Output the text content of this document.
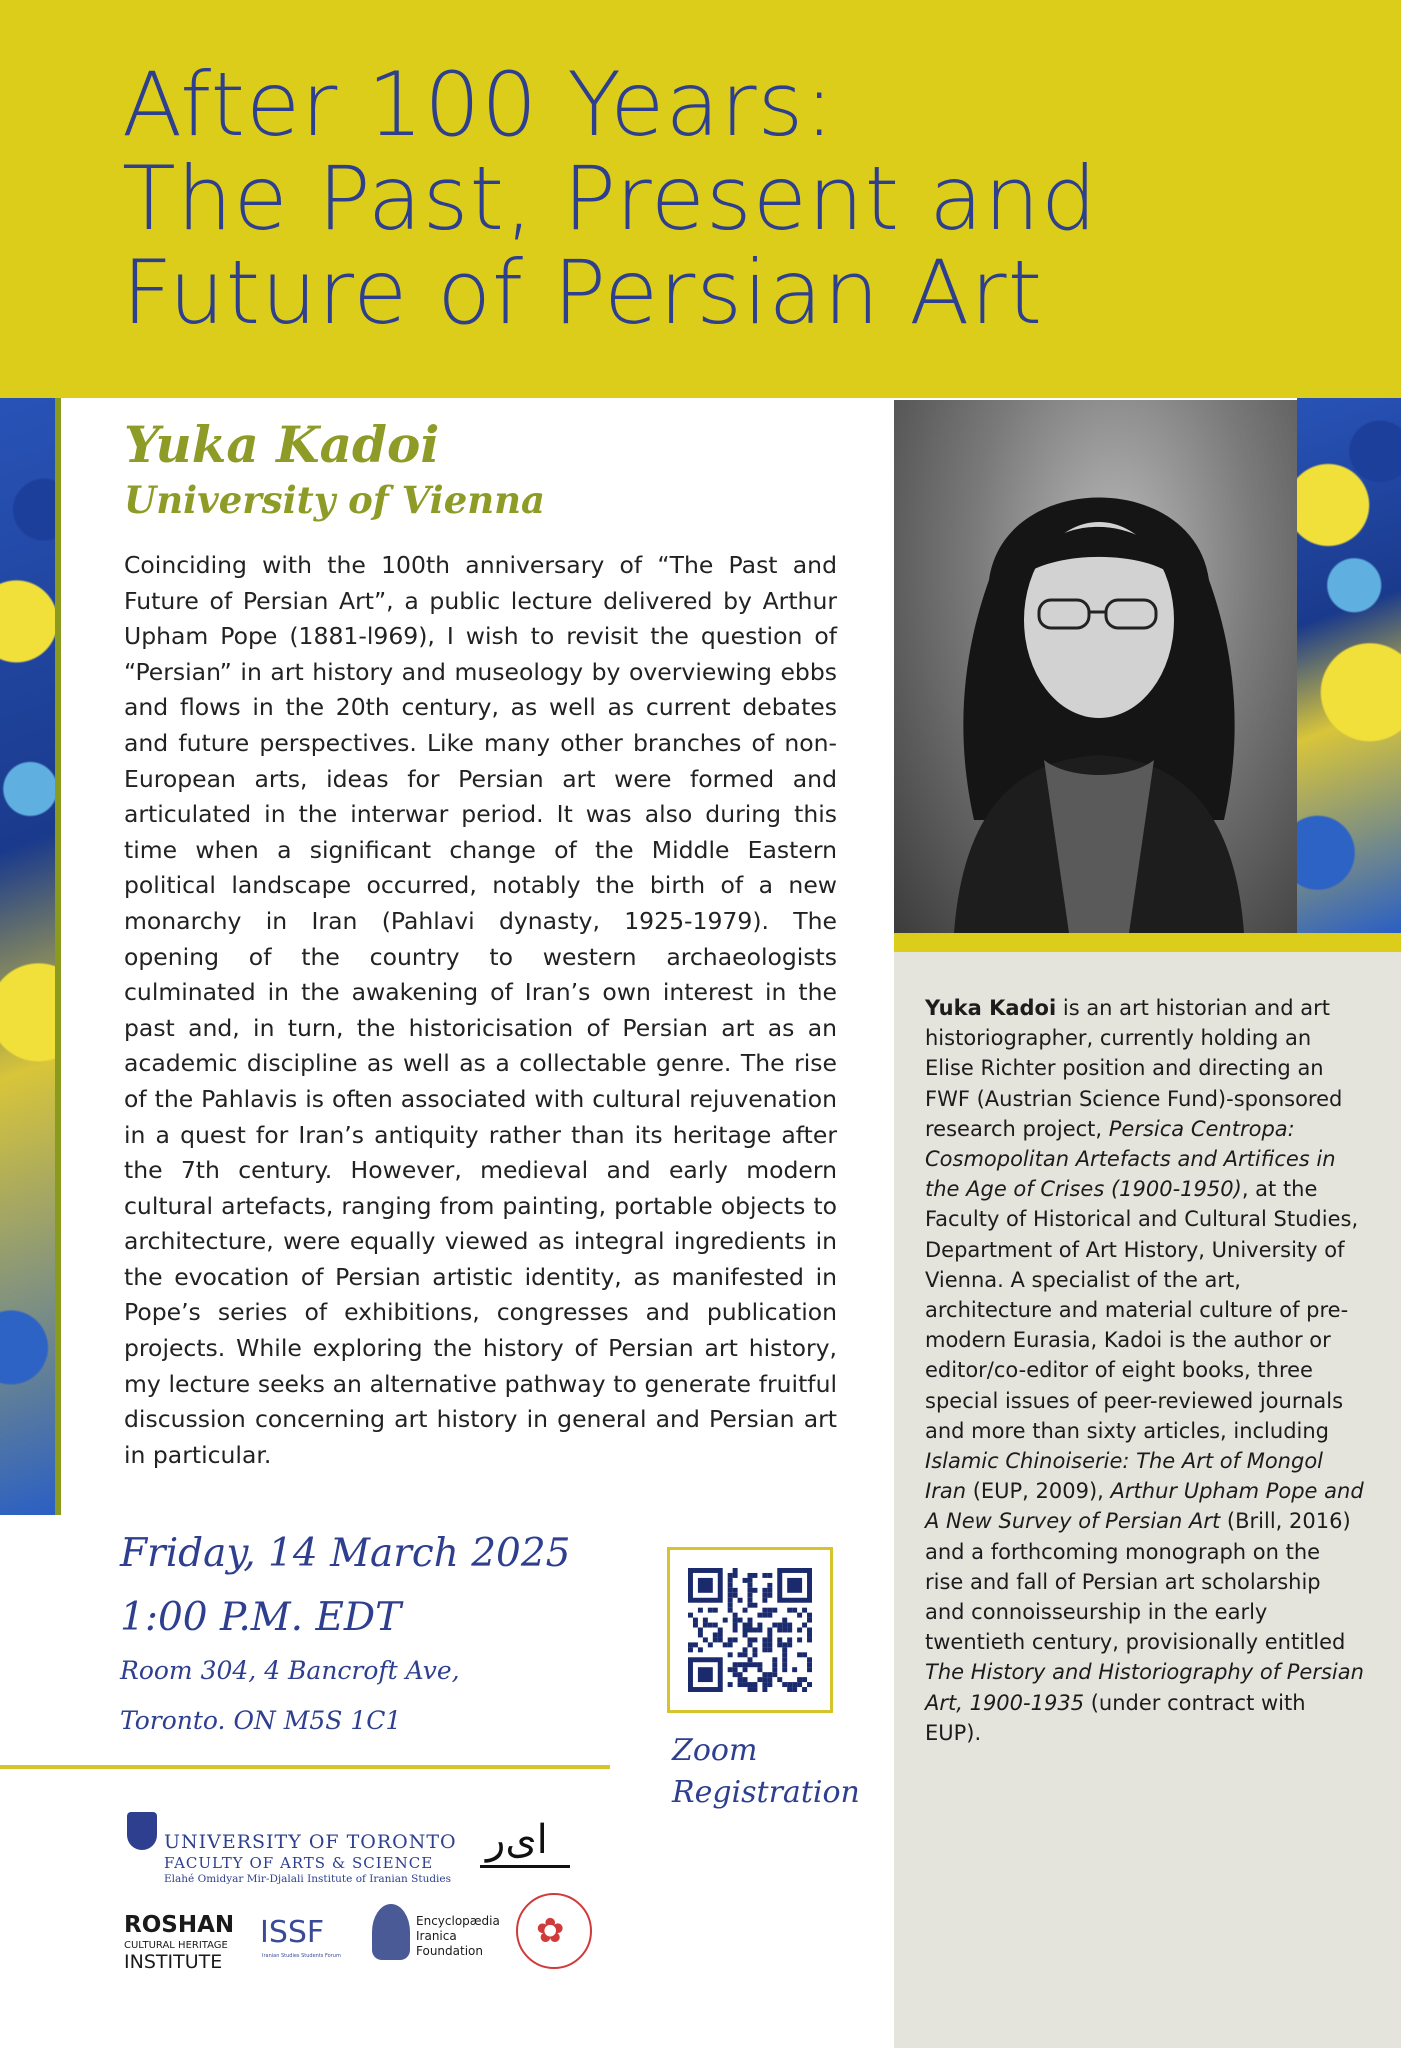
After 100 Years:
The Past, Present and
Future of Persian Art
Yuka Kadoi
University of Vienna

Coinciding with the 100th anniversary of “The Past and Future of Persian Art”, a public lecture delivered by Arthur Upham Pope (1881-l969), I wish to revisit the question of “Persian” in art history and museology by overviewing ebbs and flows in the 20th century, as well as current debates and future perspectives. Like many other branches of non-European arts, ideas for Persian art were formed and articulated in the interwar period. It was also during this time when a significant change of the Middle Eastern political landscape occurred, notably the birth of a new monarchy in Iran (Pahlavi dynasty, 1925-1979). The opening of the country to western archaeologists culminated in the awakening of Iran’s own interest in the past and, in turn, the historicisation of Persian art as an academic discipline as well as a collectable genre. The rise of the Pahlavis is often associated with cultural rejuvenation in a quest for Iran’s antiquity rather than its heritage after the 7th century. However, medieval and early modern cultural artefacts, ranging from painting, portable objects to architecture, were equally viewed as integral ingredients in the evocation of Persian artistic identity, as manifested in Pope’s series of exhibitions, congresses and publication projects. While exploring the history of Persian art history, my lecture seeks an alternative pathway to generate fruitful discussion concerning art history in general and Persian art in particular.

Friday, 14 March 2025

1:00 P.M. EDT

Room 304, 4 Bancroft Ave,

Toronto. ON M5S 1C1

Zoom
Registration

Yuka Kadoi is an art historian and art historiographer, currently holding an Elise Richter position and directing an FWF (Austrian Science Fund)-sponsored research project, Persica Centropa: Cosmopolitan Artefacts and Artifices in the Age of Crises (1900-1950), at the Faculty of Historical and Cultural Studies, Department of Art History, University of Vienna. A specialist of the art, architecture and material culture of pre-modern Eurasia, Kadoi is the author or editor/co-editor of eight books, three special issues of peer-reviewed journals and more than sixty articles, including Islamic Chinoiserie: The Art of Mongol Iran (EUP, 2009), Arthur Upham Pope and A New Survey of Persian Art (Brill, 2016) and a forthcoming monograph on the rise and fall of Persian art scholarship and connoisseurship in the early twentieth century, provisionally entitled The History and Historiography of Persian Art, 1900-1935 (under contract with EUP).

UNIVERSITY OF TORONTO

FACULTY OF ARTS & SCIENCE

Elahé Omidyar Mir-Djalali Institute of Iranian Studies

ا‌ی‌ر

ROSHAN

CULTURAL HERITAGE

INSTITUTE

ISSF

Iranian Studies Students Forum

Encyclopædia

Iranica

Foundation ✿
